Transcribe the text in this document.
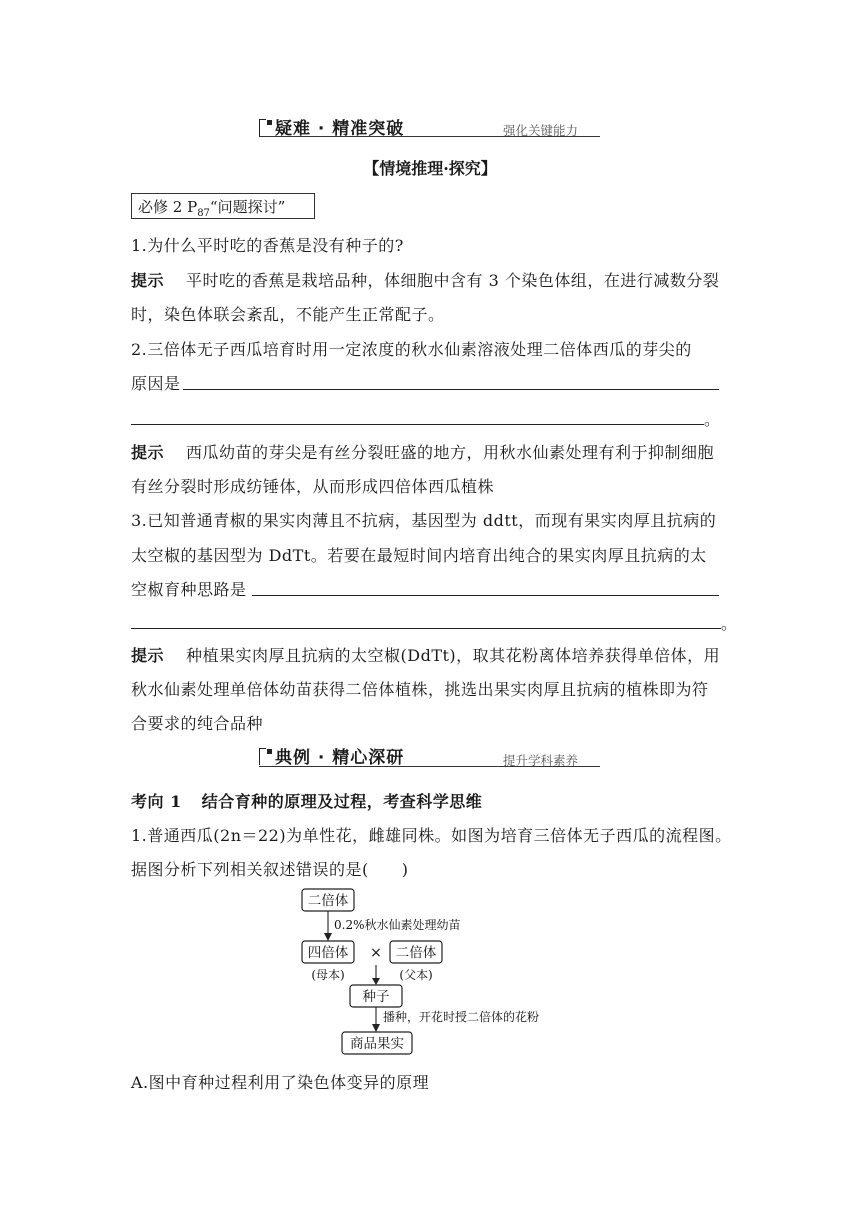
疑难 · 精准突破	强化关键能力
【情境推理·探究】
必修 2 $P_{87}“$问题探讨”
1.为什么平时吃的香蕉是没有种子的?
提示 平时吃的香蕉是栽培品种，体细胞中含有 3 个染色体组，在进行减数分裂
时，染色体联会紊乱，不能产生正常配子。
2.三倍体无子西瓜培育时用一定浓度的秋水仙素溶液处理二倍体西瓜的芽尖的
原因是
。
提示 西瓜幼苗的芽尖是有丝分裂旺盛的地方，用秋水仙素处理有利于抑制细胞
有丝分裂时形成纺锤体，从而形成四倍体西瓜植株
3.已知普通青椒的果实肉薄且不抗病，基因型为 ddtt，而现有果实肉厚且抗病的
太空椒的基因型为 DdTt。若要在最短时间内培育出纯合的果实肉厚且抗病的太
空椒育种思路是
。
提示 种植果实肉厚且抗病的太空椒(DdTt)，取其花粉离体培养获得单倍体，用
秋水仙素处理单倍体幼苗获得二倍体植株，挑选出果实肉厚且抗病的植株即为符
合要求的纯合品种
典例 · 精心深研	提升学科素养
考向 1 结合育种的原理及过程，考查科学思维
1.普通西瓜(2n＝22)为单性花，雌雄同株。如图为培育三倍体无子西瓜的流程图。
据图分析下列相关叙述错误的是(　　)
二倍体
0.2%秋水仙素处理幼苗
四倍体 × 二倍体
(母本)	(父本)
种子
播种，开花时授二倍体的花粉
商品果实
A.图中育种过程利用了染色体变异的原理
